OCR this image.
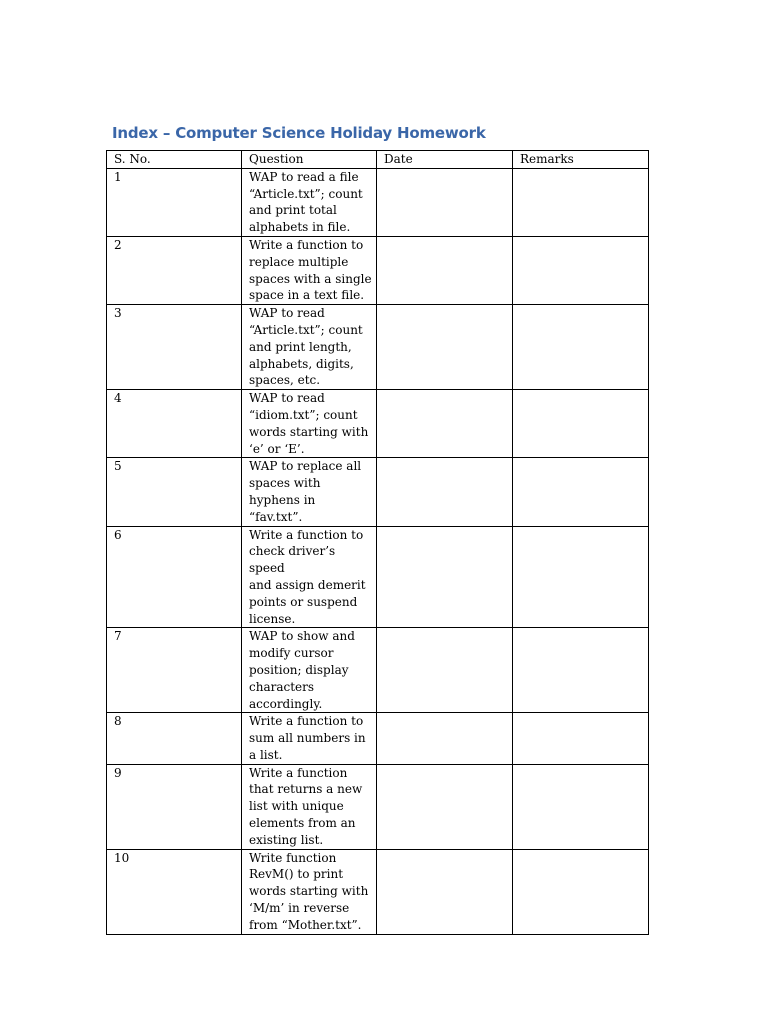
Index – Computer Science Holiday Homework
S. No.	Question	Date	Remarks
1	WAP to read a file
“Article.txt”; count
and print total
alphabets in file.		
2	Write a function to
replace multiple
spaces with a single
space in a text file.		
3	WAP to read
“Article.txt”; count
and print length,
alphabets, digits,
spaces, etc.		
4	WAP to read
“idiom.txt”; count
words starting with
‘e’ or ‘E’.		
5	WAP to replace all
spaces with
hyphens in “fav.txt”.		
6	Write a function to
check driver’s speed
and assign demerit
points or suspend
license.		
7	WAP to show and
modify cursor
position; display
characters
accordingly.		
8	Write a function to
sum all numbers in
a list.		
9	Write a function
that returns a new
list with unique
elements from an
existing list.		
10	Write function
RevM() to print
words starting with
‘M/m’ in reverse
from “Mother.txt”.		
